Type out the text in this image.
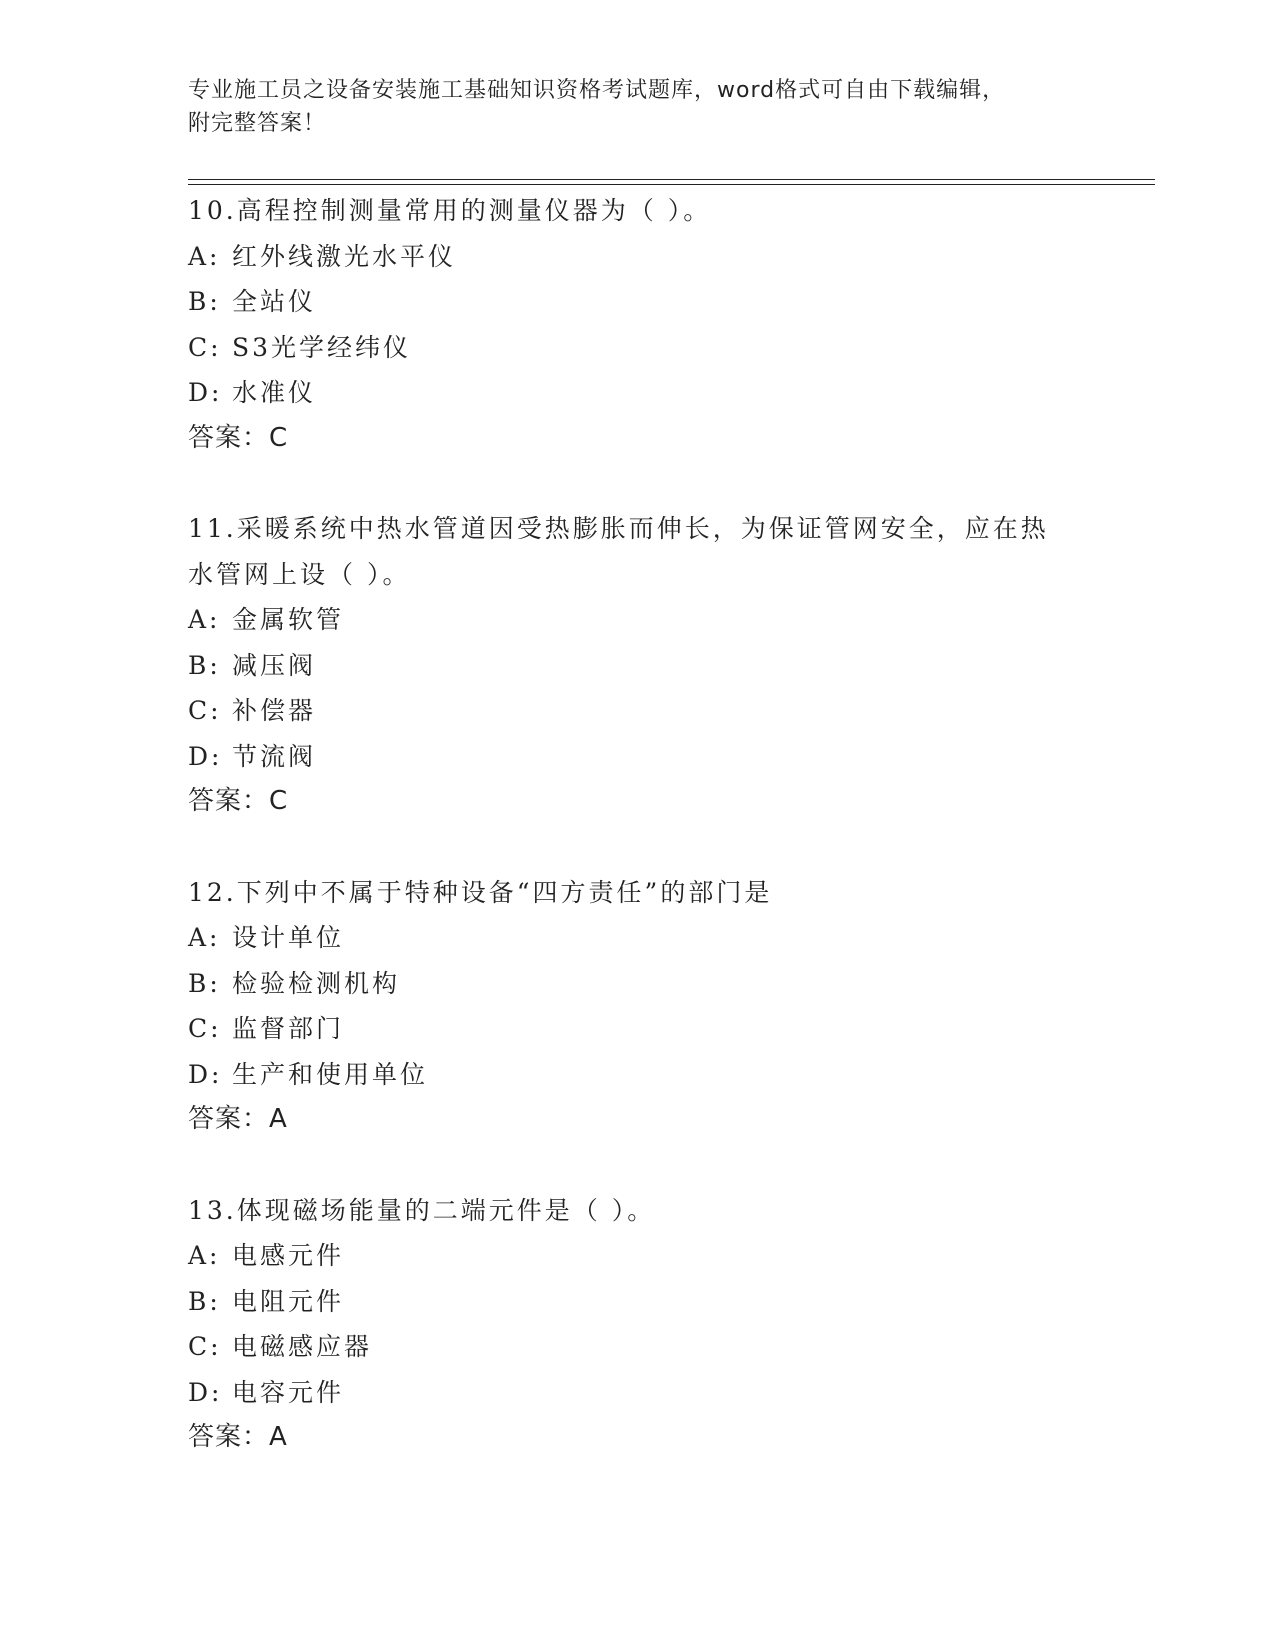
专业施工员之设备安装施工基础知识资格考试题库，word格式可自由下载编辑，
附完整答案！
10.高程控制测量常用的测量仪器为（ ）。
A: 红外线激光水平仪
B: 全站仪
C: S3光学经纬仪
D: 水准仪
答案：C
11.采暖系统中热水管道因受热膨胀而伸长，为保证管网安全，应在热水管网上设（ ）。
A: 金属软管
B: 减压阀
C: 补偿器
D: 节流阀
答案：C
12.下列中不属于特种设备“四方责任”的部门是
A: 设计单位
B: 检验检测机构
C: 监督部门
D: 生产和使用单位
答案：A
13.体现磁场能量的二端元件是（ ）。
A: 电感元件
B: 电阻元件
C: 电磁感应器
D: 电容元件
答案：A
